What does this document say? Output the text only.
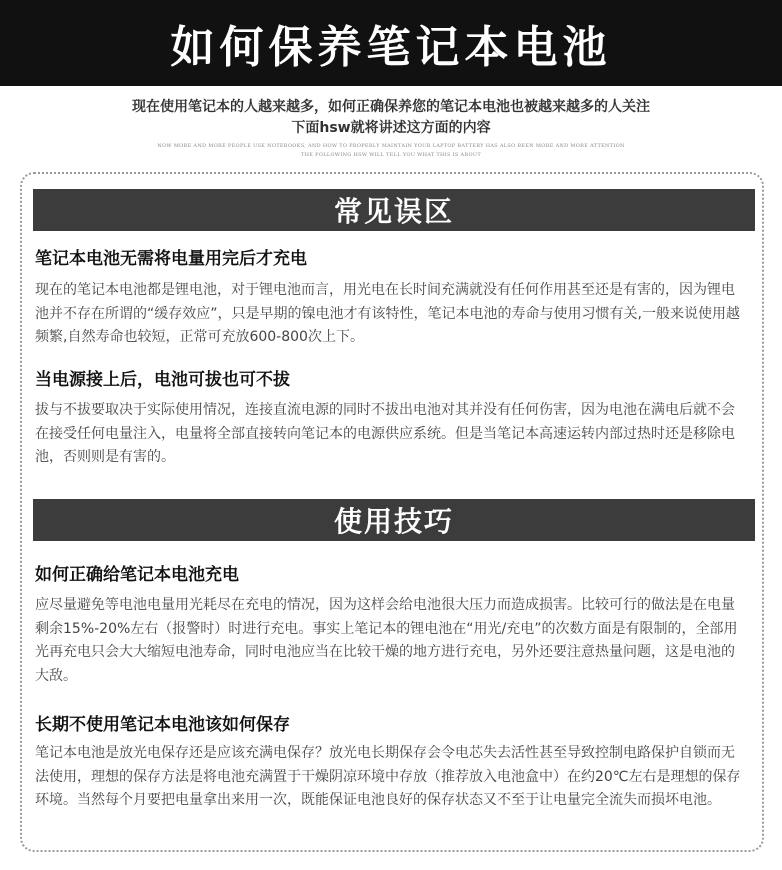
如何保养笔记本电池
现在使用笔记本的人越来越多，如何正确保养您的笔记本电池也被越来越多的人关注
下面hsw就将讲述这方面的内容
NOW MORE AND MORE PEOPLE USE NOTEBOOKS, AND HOW TO PROPERLY MAINTAIN YOUR LAPTOP BATTERY HAS ALSO BEEN MORE AND MORE ATTENTION
THE FOLLOWING HSW WILL TELL YOU WHAT THIS IS ABOUT
常见误区
笔记本电池无需将电量用完后才充电

现在的笔记本电池都是锂电池，对于锂电池而言，用光电在长时间充满就没有任何作用甚至还是有害的，因为锂电池并不存在所谓的“缓存效应”，只是早期的镍电池才有该特性，笔记本电池的寿命与使用习惯有关,一般来说使用越频繁,自然寿命也较短，正常可充放600-800次上下。

当电源接上后，电池可拔也可不拔

拔与不拔要取决于实际使用情况，连接直流电源的同时不拔出电池对其并没有任何伤害，因为电池在满电后就不会在接受任何电量注入，电量将全部直接转向笔记本的电源供应系统。但是当笔记本高速运转内部过热时还是移除电池，否则则是有害的。

使用技巧
如何正确给笔记本电池充电

应尽量避免等电池电量用光耗尽在充电的情况，因为这样会给电池很大压力而造成损害。比较可行的做法是在电量剩余15%-20%左右（报警时）时进行充电。事实上笔记本的锂电池在“用光/充电”的次数方面是有限制的，全部用光再充电只会大大缩短电池寿命，同时电池应当在比较干燥的地方进行充电，另外还要注意热量问题，这是电池的大敌。

长期不使用笔记本电池该如何保存

笔记本电池是放光电保存还是应该充满电保存？放光电长期保存会令电芯失去活性甚至导致控制电路保护自锁而无法使用，理想的保存方法是将电池充满置于干燥阴凉环境中存放（推荐放入电池盒中）在约20℃左右是理想的保存环境。当然每个月要把电量拿出来用一次，既能保证电池良好的保存状态又不至于让电量完全流失而损坏电池。
